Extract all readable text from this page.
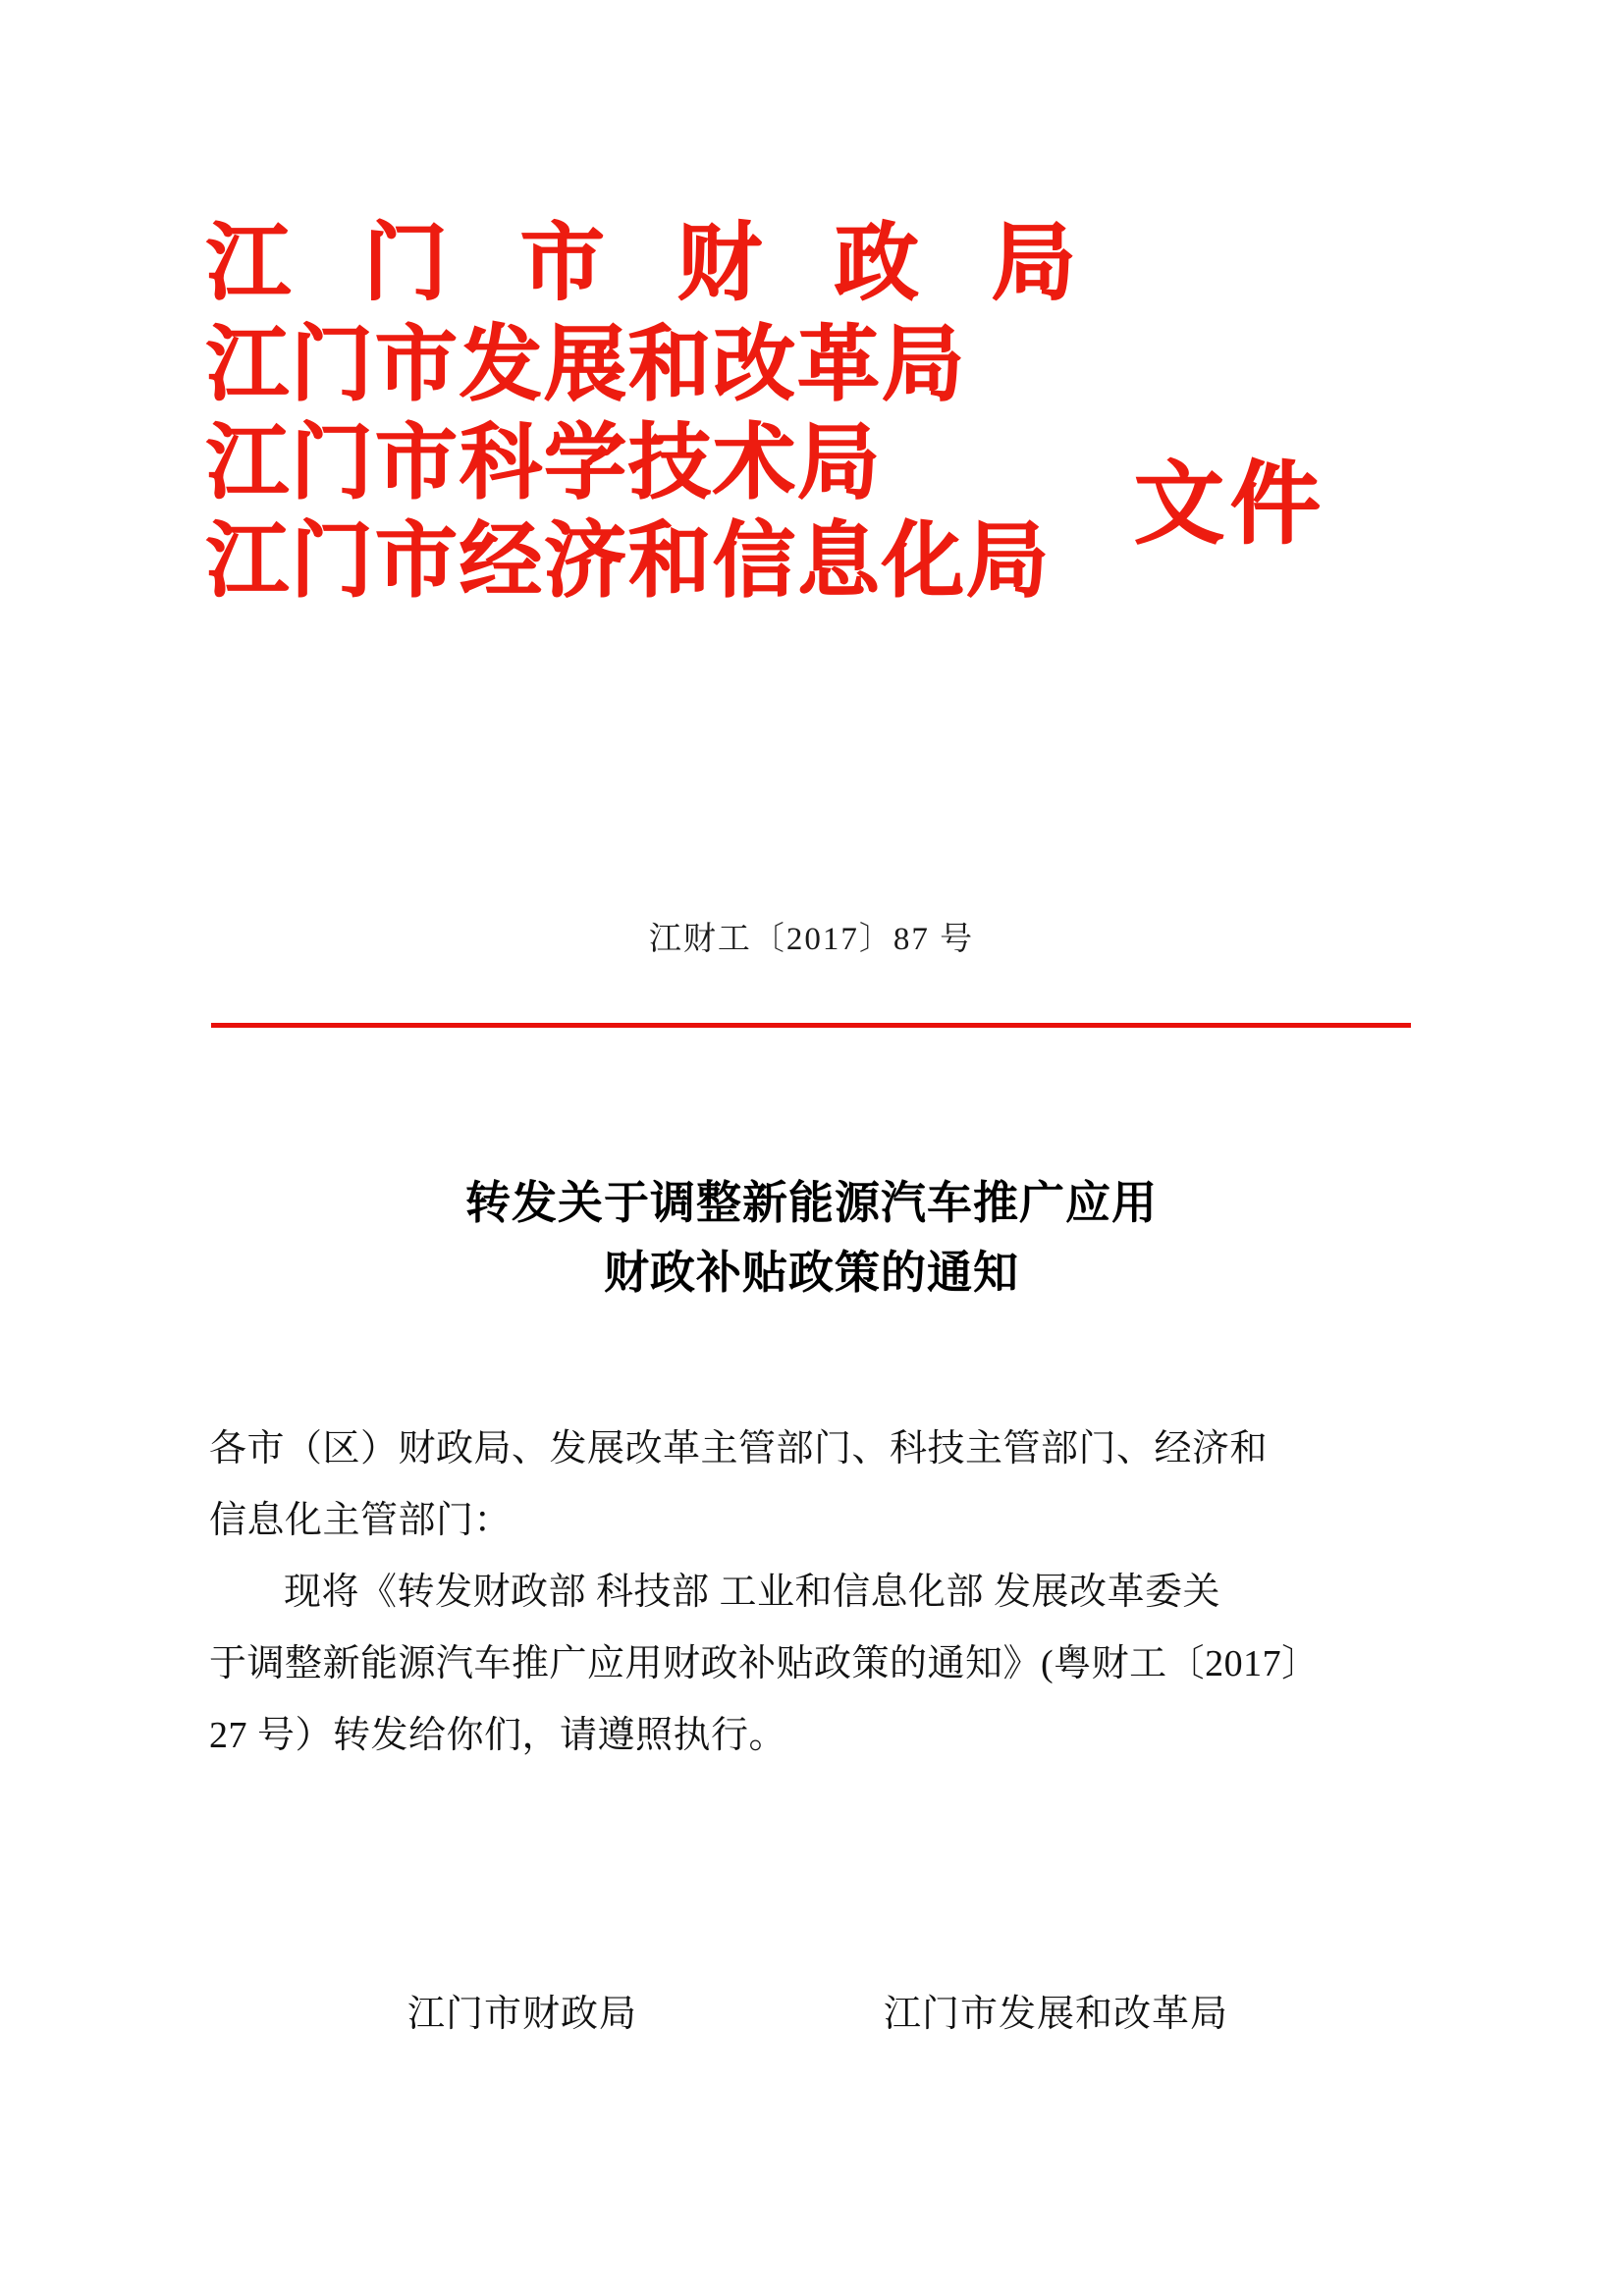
江 门 市 财 政 局
江门市发展和改革局
江门市科学技术局
江门市经济和信息化局
文件
江财工〔2017〕87 号
转发关于调整新能源汽车推广应用
财政补贴政策的通知

各市（区）财政局、发展改革主管部门、科技主管部门、经济和

信息化主管部门：

现将《转发财政部 科技部 工业和信息化部 发展改革委关

于调整新能源汽车推广应用财政补贴政策的通知》(粤财工〔2017〕

27 号）转发给你们，请遵照执行。

江门市财政局	江门市发展和改革局
